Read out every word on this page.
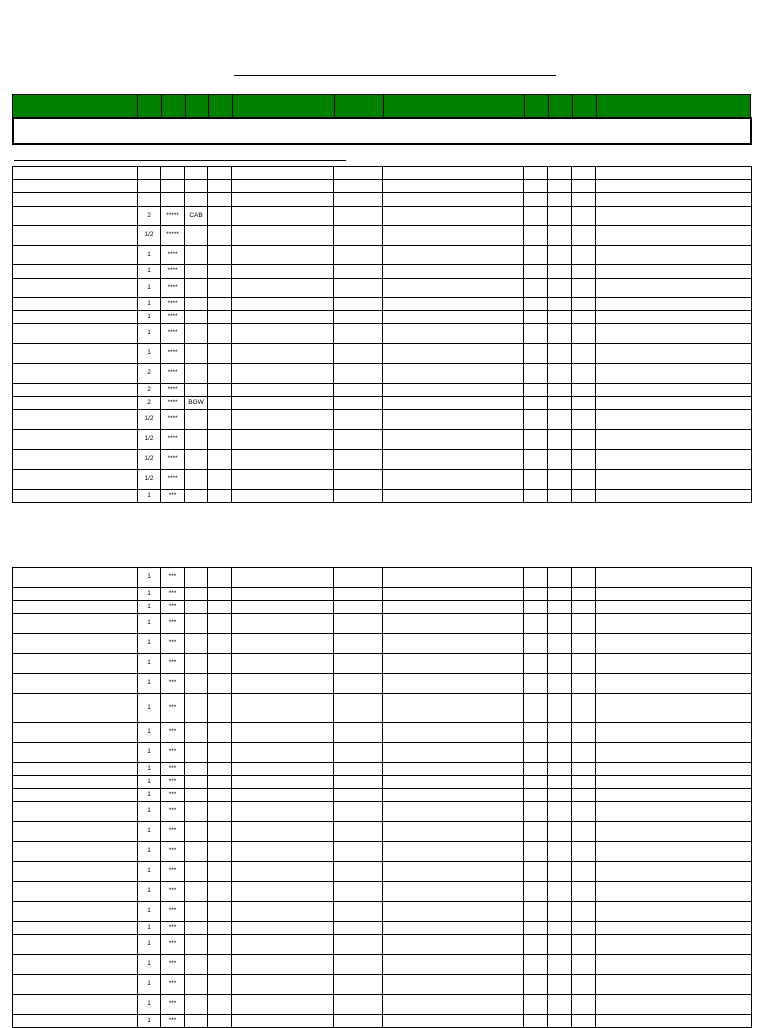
	2	*****	CAB								
	1/2	*****									
	1	****									
	1	****									
	1	****									
	1	****									
	1	****									
	1	****									
	1	****									
	2	****									
	2	****									
	2	****	BGW								
	1/2	****									
	1/2	****									
	1/2	****									
	1/2	****									
	1	***									
	1	***									
	1	***									
	1	***									
	1	***									
	1	***									
	1	***									
	1	***									
	1	***									
	1	***									
	1	***									
	1	***									
	1	***									
	1	***									
	1	***									
	1	***									
	1	***									
	1	***									
	1	***									
	1	***									
	1	***									
	1	***									
	1	***									
	1	***									
	1	***									
	1	***									
